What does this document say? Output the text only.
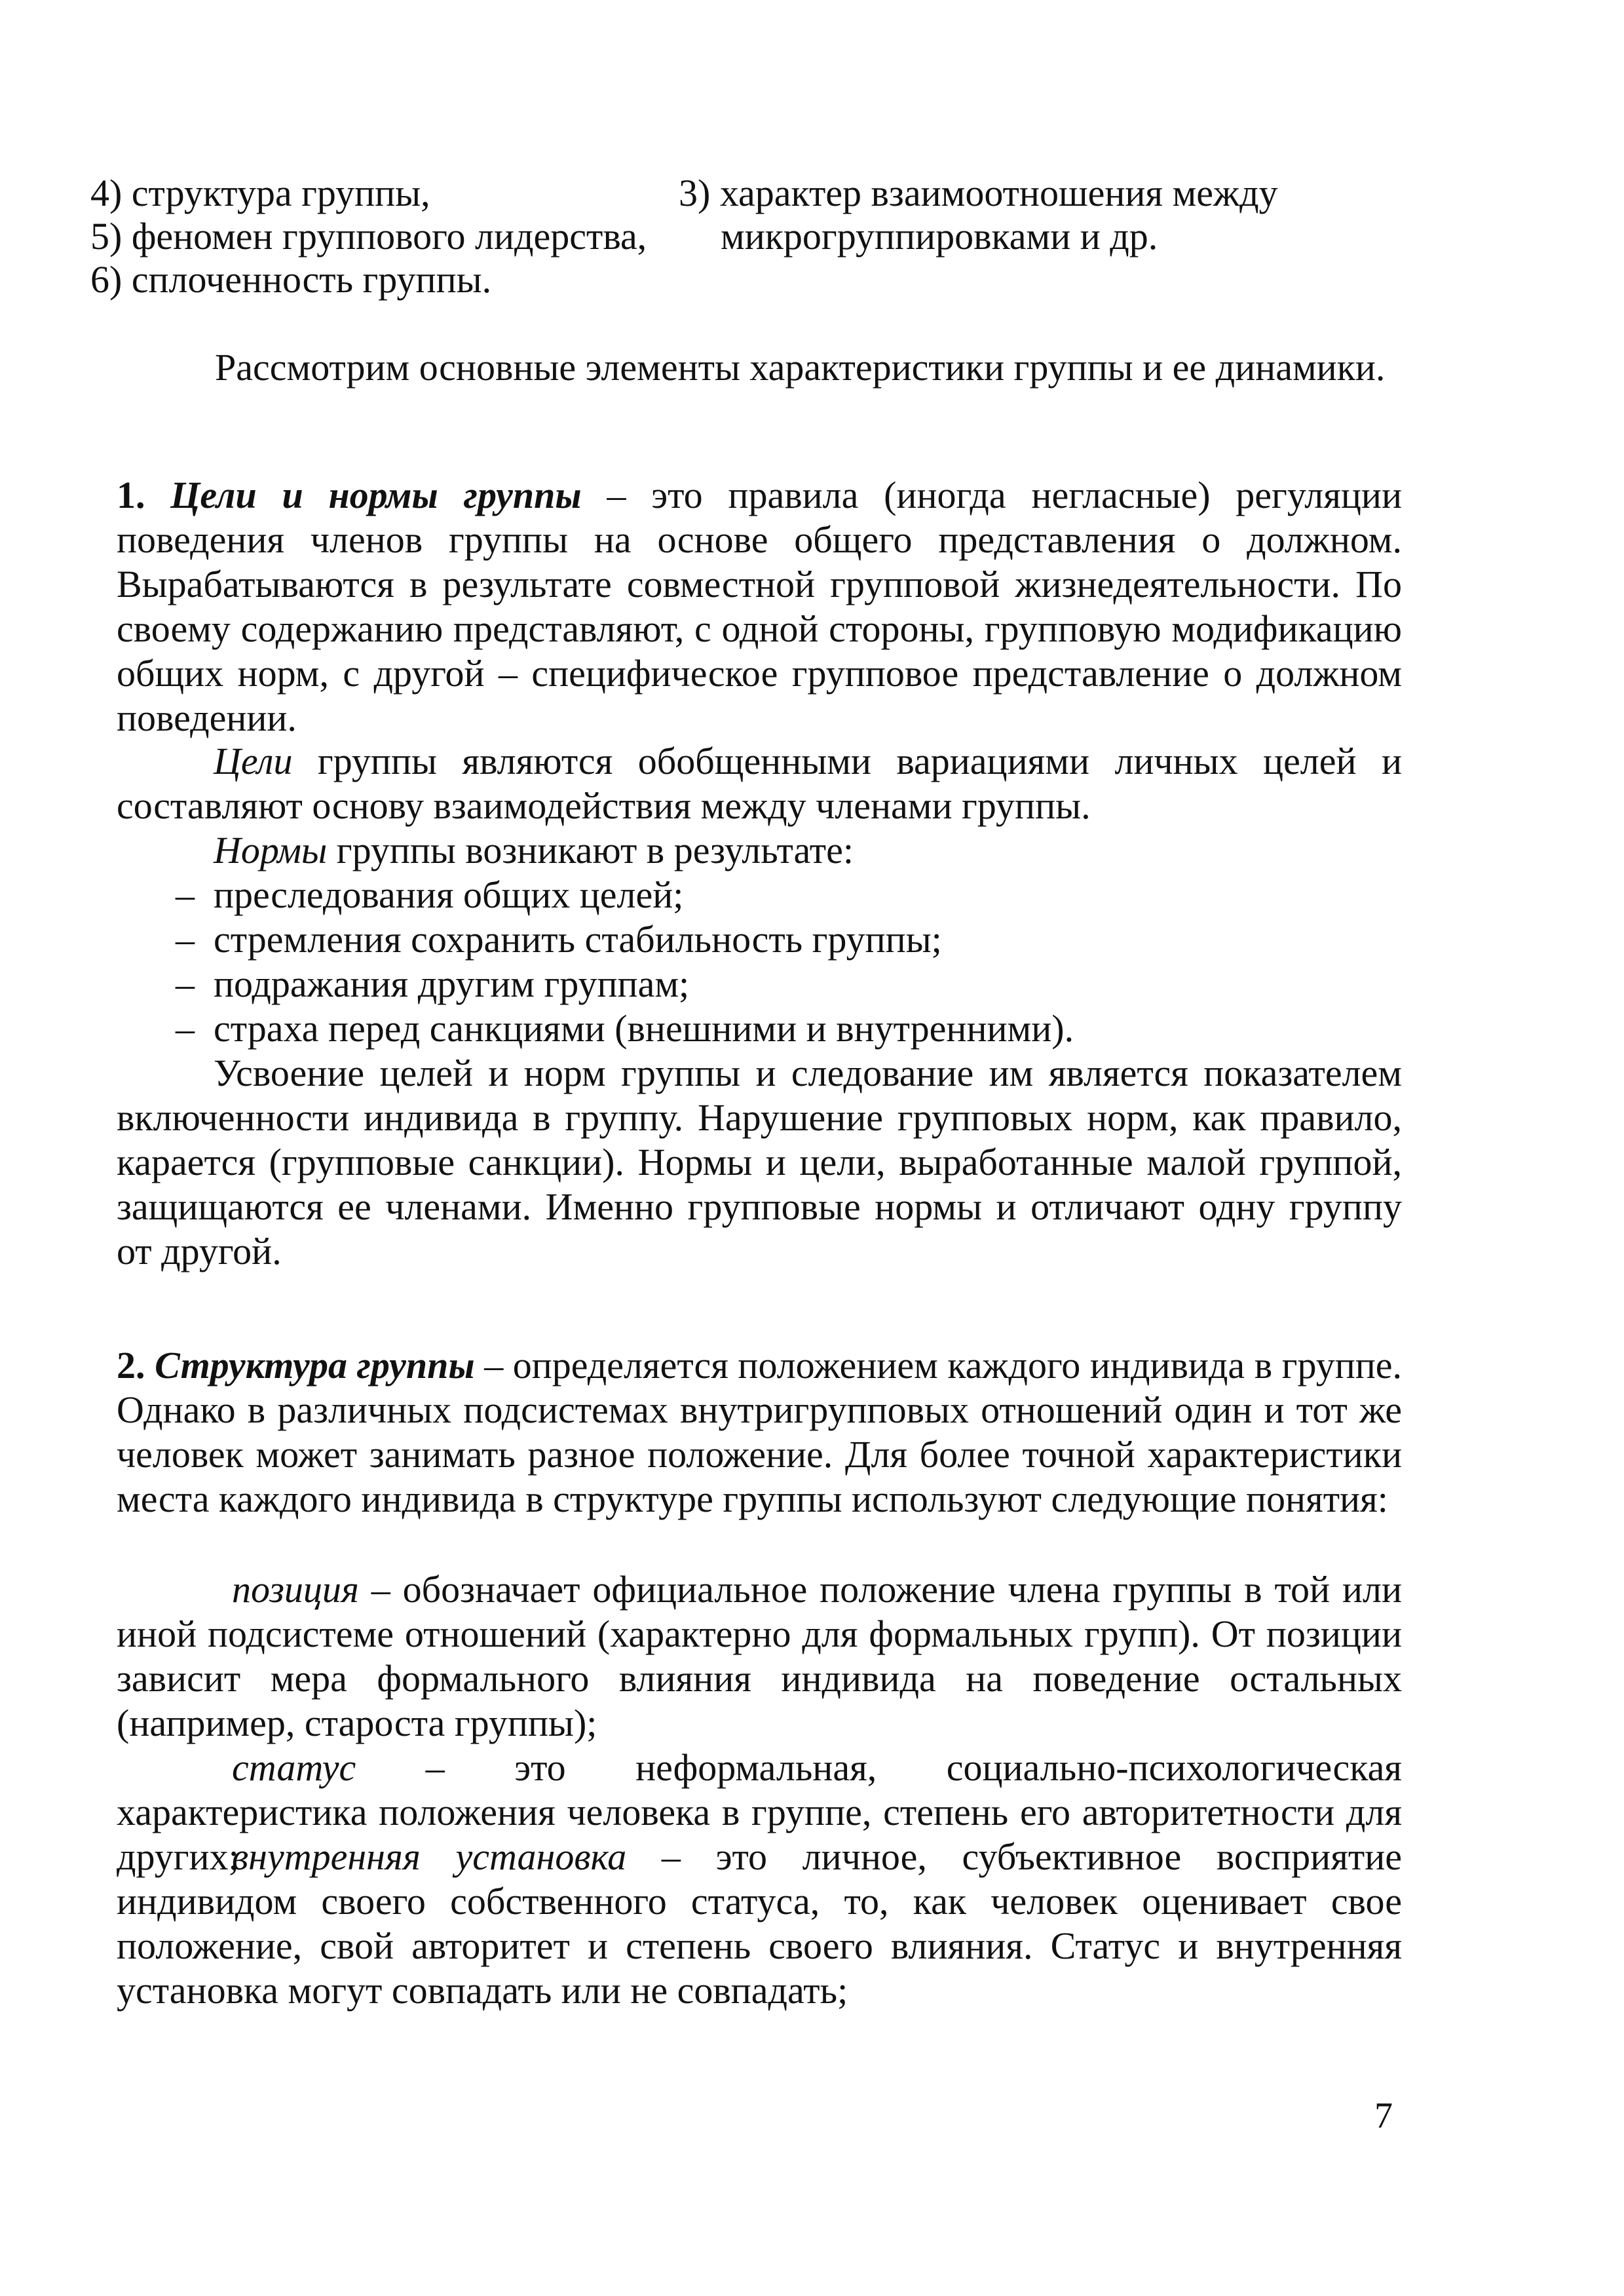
4) структура группы,
5) феномен группового лидерства,
6) сплоченность группы.
3) характер взаимоотношения между
микрогруппировками и др.
Рассмотрим основные элементы характеристики группы и ее динамики.
1. Цели и нормы группы – это правила (иногда негласные) регуляции поведения членов группы на основе общего представления о должном. Вырабатываются в результате совместной групповой жизнедеятельности. По своему содержанию представляют, с одной стороны, групповую модификацию общих норм, с другой – специфическое групповое представление о должном поведении.
Цели группы являются обобщенными вариациями личных целей и составляют основу взаимодействия между членами группы.
Нормы группы возникают в результате:
– преследования общих целей;
– стремления сохранить стабильность группы;
– подражания другим группам;
– страха перед санкциями (внешними и внутренними).
Усвоение целей и норм группы и следование им является показателем включенности индивида в группу. Нарушение групповых норм, как правило, карается (групповые санкции). Нормы и цели, выработанные малой группой, защищаются ее членами. Именно групповые нормы и отличают одну группу от другой.
2. Структура группы – определяется положением каждого индивида в группе. Однако в различных подсистемах внутригрупповых отношений один и тот же человек может занимать разное положение. Для более точной характеристики места каждого индивида в структуре группы используют следующие понятия:
позиция – обозначает официальное положение члена группы в той или иной подсистеме отношений (характерно для формальных групп). От позиции зависит мера формального влияния индивида на поведение остальных (например, староста группы);
статус – это неформальная, социально-психологическая характеристика положения человека в группе, степень его авторитетности для других;
внутренняя установка – это личное, субъективное восприятие индивидом своего собственного статуса, то, как человек оценивает свое положение, свой авторитет и степень своего влияния. Статус и внутренняя установка могут совпадать или не совпадать;
7
